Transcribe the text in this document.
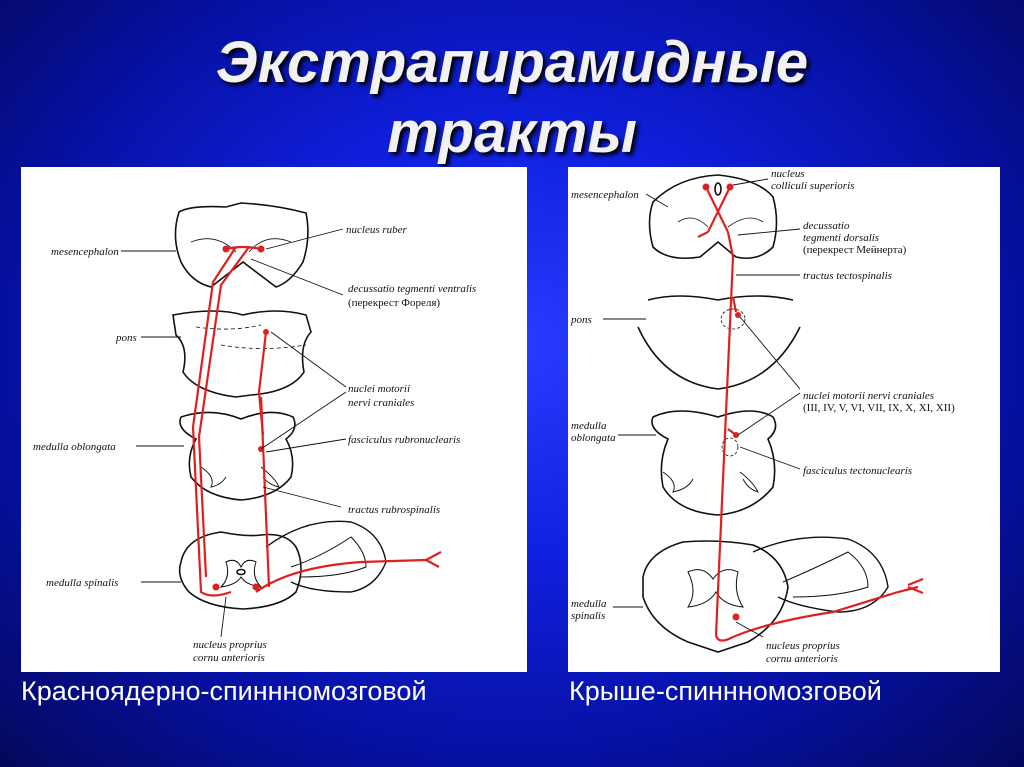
Экстрапирамидные
тракты
mesencephalon
nucleus ruber
decussatio tegmenti ventralis
(перекрест Фореля)
pons
nuclei motorii
nervi craniales
medulla oblongata
fasciculus rubronuclearis
tractus rubrospinalis
medulla spinalis
nucleus proprius
cornu anterioris
mesencephalon
nucleus
colliculi superioris
decussatio
tegmenti dorsalis
(перекрест Мейнерта)
tractus tectospinalis
pons
nuclei motorii nervi craniales
(III, IV, V, VI, VII, IX, X, XI, XII)
medulla
oblongata
fasciculus tectonuclearis
medulla
spinalis
nucleus proprius
cornu anterioris
Красноядерно-спиннномозговой	Крыше-спиннномозговой
